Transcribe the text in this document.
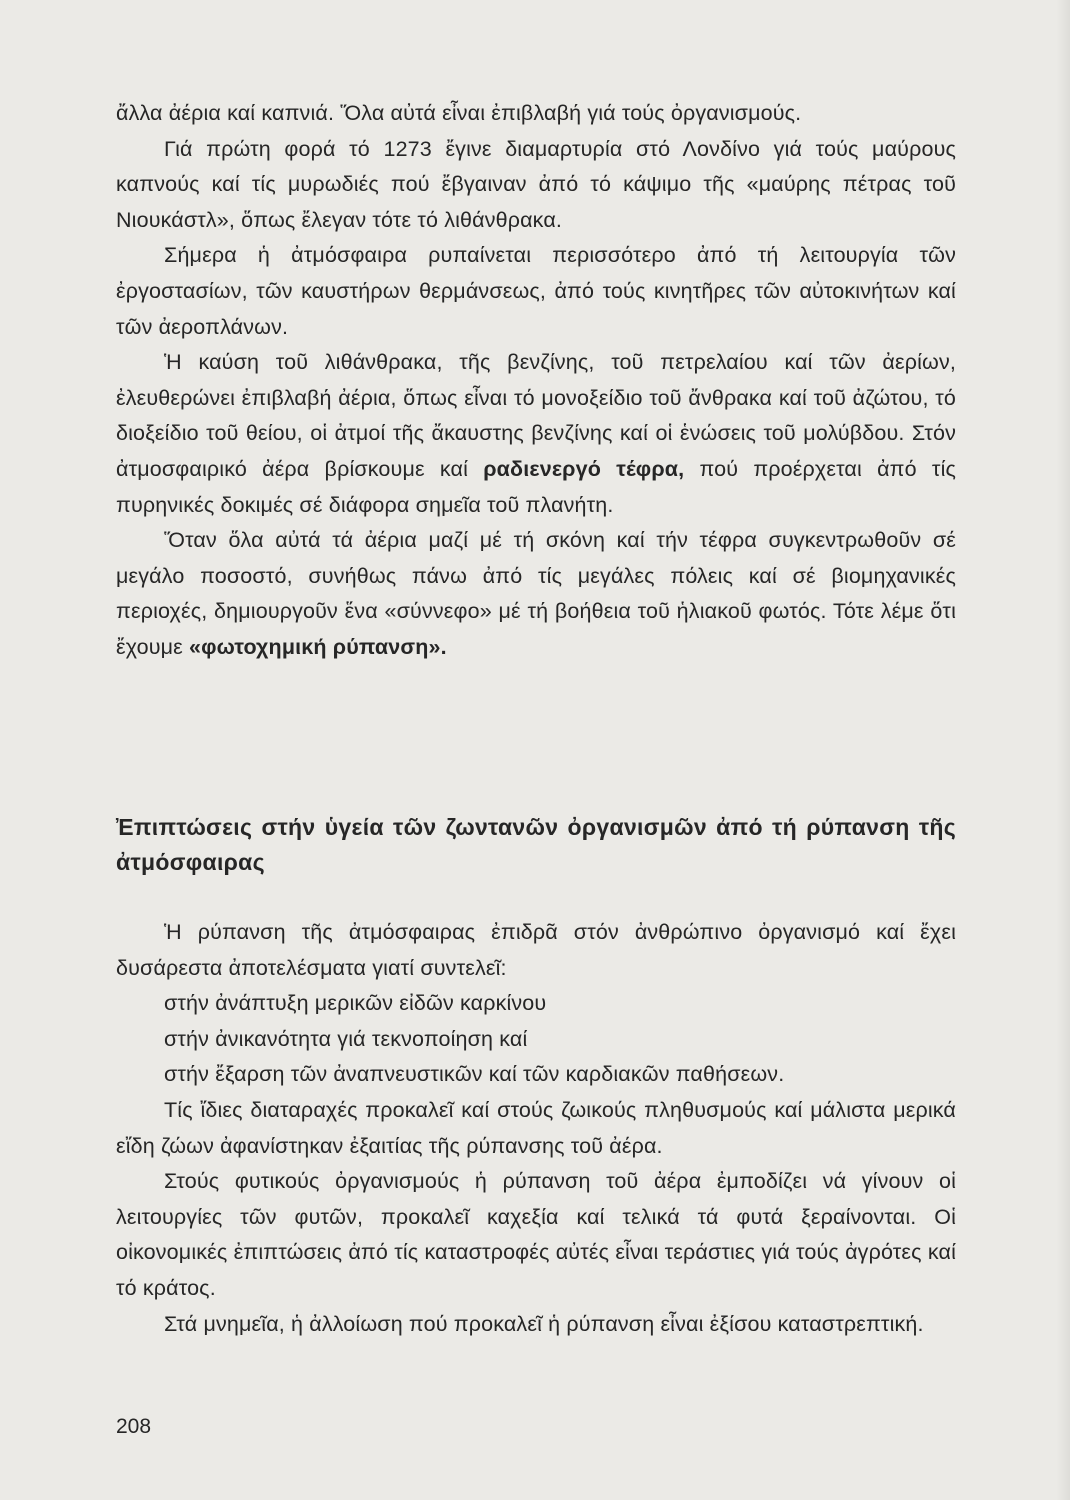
ἄλλα ἀέρια καί καπνιά. Ὅλα αὐτά εἶναι ἐπιβλαβή γιά τούς ὀργανισμούς.

Γιά πρώτη φορά τό 1273 ἔγινε διαμαρτυρία στό Λονδίνο γιά τούς μαύρους καπνούς καί τίς μυρωδιές πού ἔβγαιναν ἀπό τό κάψιμο τῆς «μαύρης πέτρας τοῦ Νιουκάστλ», ὅπως ἔλεγαν τότε τό λιθάνθρακα.

Σήμερα ἡ ἀτμόσφαιρα ρυπαίνεται περισσότερο ἀπό τή λειτουργία τῶν ἐργοστασίων, τῶν καυστήρων θερμάνσεως, ἀπό τούς κινητῆρες τῶν αὐτοκινήτων καί τῶν ἀεροπλάνων.

Ἡ καύση τοῦ λιθάνθρακα, τῆς βενζίνης, τοῦ πετρελαίου καί τῶν ἀερίων, ἐλευθερώνει ἐπιβλαβή ἀέρια, ὅπως εἶναι τό μονοξείδιο τοῦ ἄνθρακα καί τοῦ ἀζώτου, τό διοξείδιο τοῦ θείου, οἱ ἀτμοί τῆς ἄκαυστης βενζίνης καί οἱ ἑνώσεις τοῦ μολύβδου. Στόν ἀτμοσφαιρικό ἀέρα βρίσκουμε καί ραδιενεργό τέφρα, πού προέρχεται ἀπό τίς πυρηνικές δοκιμές σέ διάφορα σημεῖα τοῦ πλανήτη.

Ὅταν ὅλα αὐτά τά ἀέρια μαζί μέ τή σκόνη καί τήν τέφρα συγκεντρωθοῦν σέ μεγάλο ποσοστό, συνήθως πάνω ἀπό τίς μεγάλες πόλεις καί σέ βιομηχανικές περιοχές, δημιουργοῦν ἕνα «σύννεφο» μέ τή βοήθεια τοῦ ἡλιακοῦ φωτός. Τότε λέμε ὅτι ἔχουμε «φωτοχημική ρύπανση».

Ἐπιπτώσεις στήν ὑγεία τῶν ζωντανῶν ὀργανισμῶν ἀπό τή ρύπανση τῆς ἀτμόσφαιρας

Ἡ ρύπανση τῆς ἀτμόσφαιρας ἐπιδρᾶ στόν ἀνθρώπινο ὀργανισμό καί ἔχει δυσάρεστα ἀποτελέσματα γιατί συντελεῖ:

στήν ἀνάπτυξη μερικῶν εἰδῶν καρκίνου

στήν ἀνικανότητα γιά τεκνοποίηση καί

στήν ἔξαρση τῶν ἀναπνευστικῶν καί τῶν καρδιακῶν παθήσεων.

Τίς ἴδιες διαταραχές προκαλεῖ καί στούς ζωικούς πληθυσμούς καί μάλιστα μερικά εἴδη ζώων ἀφανίστηκαν ἐξαιτίας τῆς ρύπανσης τοῦ ἀέρα.

Στούς φυτικούς ὀργανισμούς ἡ ρύπανση τοῦ ἀέρα ἐμποδίζει νά γίνουν οἱ λειτουργίες τῶν φυτῶν, προκαλεῖ καχεξία καί τελικά τά φυτά ξεραίνονται. Οἱ οἰκονομικές ἐπιπτώσεις ἀπό τίς καταστροφές αὐτές εἶναι τεράστιες γιά τούς ἀγρότες καί τό κράτος.

Στά μνημεῖα, ἡ ἀλλοίωση πού προκαλεῖ ἡ ρύπανση εἶναι ἐξίσου καταστρεπτική.

208
